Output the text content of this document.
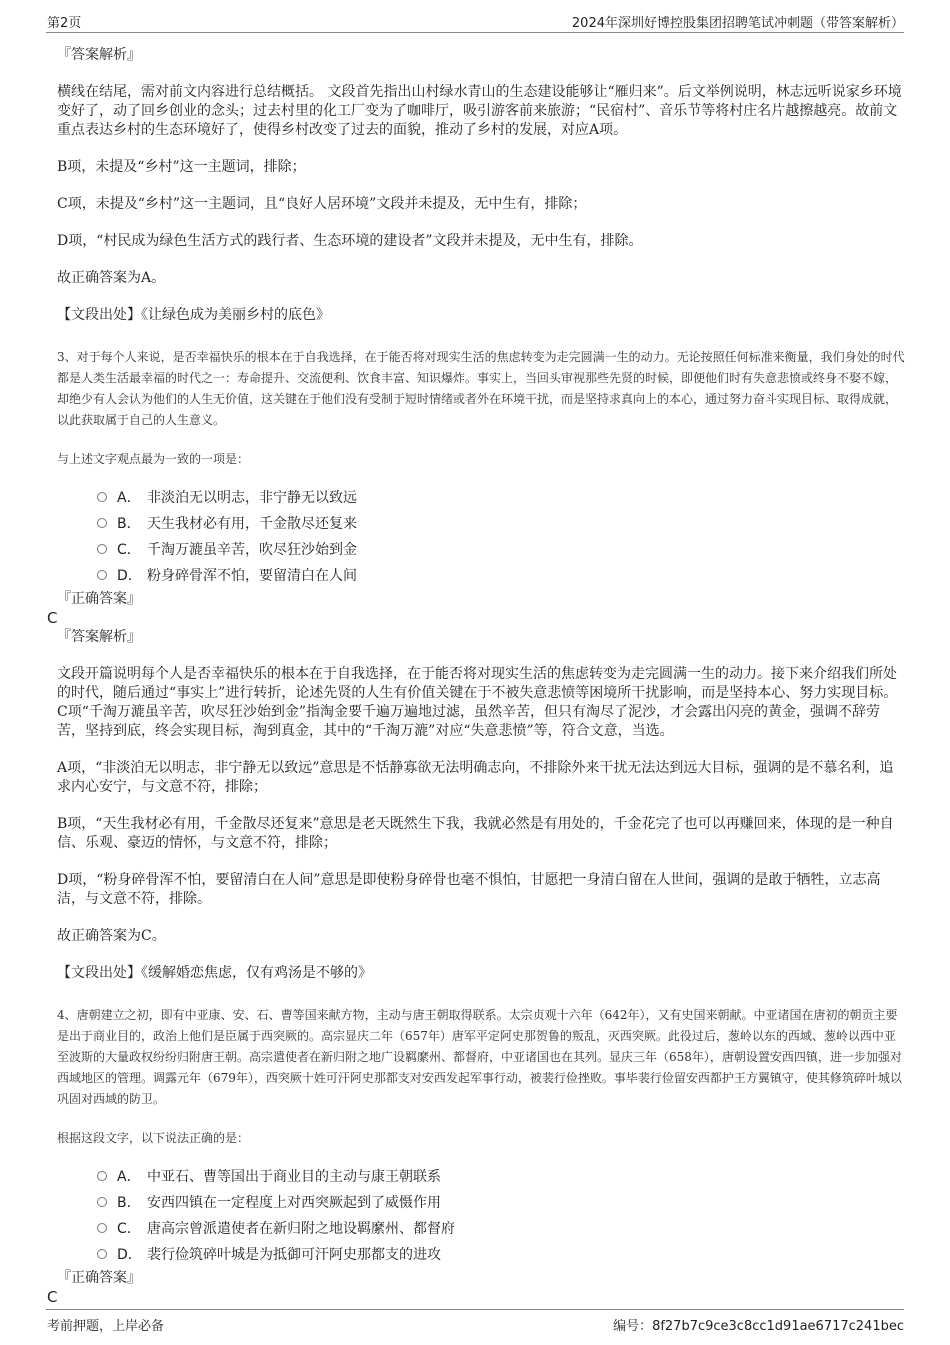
第2页	2024年深圳好博控股集团招聘笔试冲刺题（带答案解析）
『答案解析』
横线在结尾，需对前文内容进行总结概括。 文段首先指出山村绿水青山的生态建设能够让“雁归来”。后文举例说明，林志远听说家乡环境变好了，动了回乡创业的念头；过去村里的化工厂变为了咖啡厅，吸引游客前来旅游；“民宿村”、音乐节等将村庄名片越擦越亮。故前文重点表达乡村的生态环境好了，使得乡村改变了过去的面貌，推动了乡村的发展，对应A项。
B项，未提及“乡村”这一主题词，排除；
C项，未提及“乡村”这一主题词，且“良好人居环境”文段并未提及，无中生有，排除；
D项，“村民成为绿色生活方式的践行者、生态环境的建设者”文段并未提及，无中生有，排除。
故正确答案为A。
【文段出处】《让绿色成为美丽乡村的底色》
3、对于每个人来说，是否幸福快乐的根本在于自我选择，在于能否将对现实生活的焦虑转变为走完圆满一生的动力。无论按照任何标准来衡量，我们身处的时代都是人类生活最幸福的时代之一：寿命提升、交流便利、饮食丰富、知识爆炸。事实上，当回头审视那些先贤的时候，即便他们时有失意悲愤或终身不娶不嫁，却绝少有人会认为他们的人生无价值，这关键在于他们没有受制于短时情绪或者外在环境干扰，而是坚持求真向上的本心，通过努力奋斗实现目标、取得成就，以此获取属于自己的人生意义。
与上述文字观点最为一致的一项是：
A． 非淡泊无以明志，非宁静无以致远
B． 天生我材必有用，千金散尽还复来
C． 千淘万漉虽辛苦，吹尽狂沙始到金
D． 粉身碎骨浑不怕，要留清白在人间
『正确答案』
C
『答案解析』
文段开篇说明每个人是否幸福快乐的根本在于自我选择，在于能否将对现实生活的焦虑转变为走完圆满一生的动力。接下来介绍我们所处的时代，随后通过“事实上”进行转折，论述先贤的人生有价值关键在于不被失意悲愤等困境所干扰影响，而是坚持本心、努力实现目标。C项“千淘万漉虽辛苦，吹尽狂沙始到金”指淘金要千遍万遍地过滤，虽然辛苦，但只有淘尽了泥沙，才会露出闪亮的黄金，强调不辞劳苦，坚持到底，终会实现目标，淘到真金，其中的“千淘万漉”对应“失意悲愤”等，符合文意，当选。
A项，“非淡泊无以明志，非宁静无以致远”意思是不恬静寡欲无法明确志向，不排除外来干扰无法达到远大目标，强调的是不慕名利，追求内心安宁，与文意不符，排除；
B项，“天生我材必有用，千金散尽还复来”意思是老天既然生下我，我就必然是有用处的，千金花完了也可以再赚回来，体现的是一种自信、乐观、豪迈的情怀，与文意不符，排除；
D项，“粉身碎骨浑不怕，要留清白在人间”意思是即使粉身碎骨也毫不惧怕，甘愿把一身清白留在人世间，强调的是敢于牺牲，立志高洁，与文意不符，排除。
故正确答案为C。
【文段出处】《缓解婚恋焦虑，仅有鸡汤是不够的》
4、唐朝建立之初，即有中亚康、安、石、曹等国来献方物，主动与唐王朝取得联系。太宗贞观十六年（642年），又有史国来朝献。中亚诸国在唐初的朝贡主要是出于商业目的，政治上他们是臣属于西突厥的。高宗显庆二年（657年）唐军平定阿史那贺鲁的叛乱，灭西突厥。此役过后，葱岭以东的西域、葱岭以西中亚至波斯的大量政权纷纷归附唐王朝。高宗遣使者在新归附之地广设羁縻州、都督府，中亚诸国也在其列。显庆三年（658年），唐朝设置安西四镇，进一步加强对西域地区的管理。调露元年（679年），西突厥十姓可汗阿史那都支对安西发起军事行动，被裴行俭挫败。事毕裴行俭留安西都护王方翼镇守，使其修筑碎叶城以巩固对西域的防卫。
根据这段文字，以下说法正确的是：
A． 中亚石、曹等国出于商业目的主动与康王朝联系
B． 安西四镇在一定程度上对西突厥起到了威慑作用
C． 唐高宗曾派遣使者在新归附之地设羁縻州、都督府
D． 裴行俭筑碎叶城是为抵御可汗阿史那都支的进攻
『正确答案』
C
考前押题，上岸必备	编号：8f27b7c9ce3c8cc1d91ae6717c241bec
